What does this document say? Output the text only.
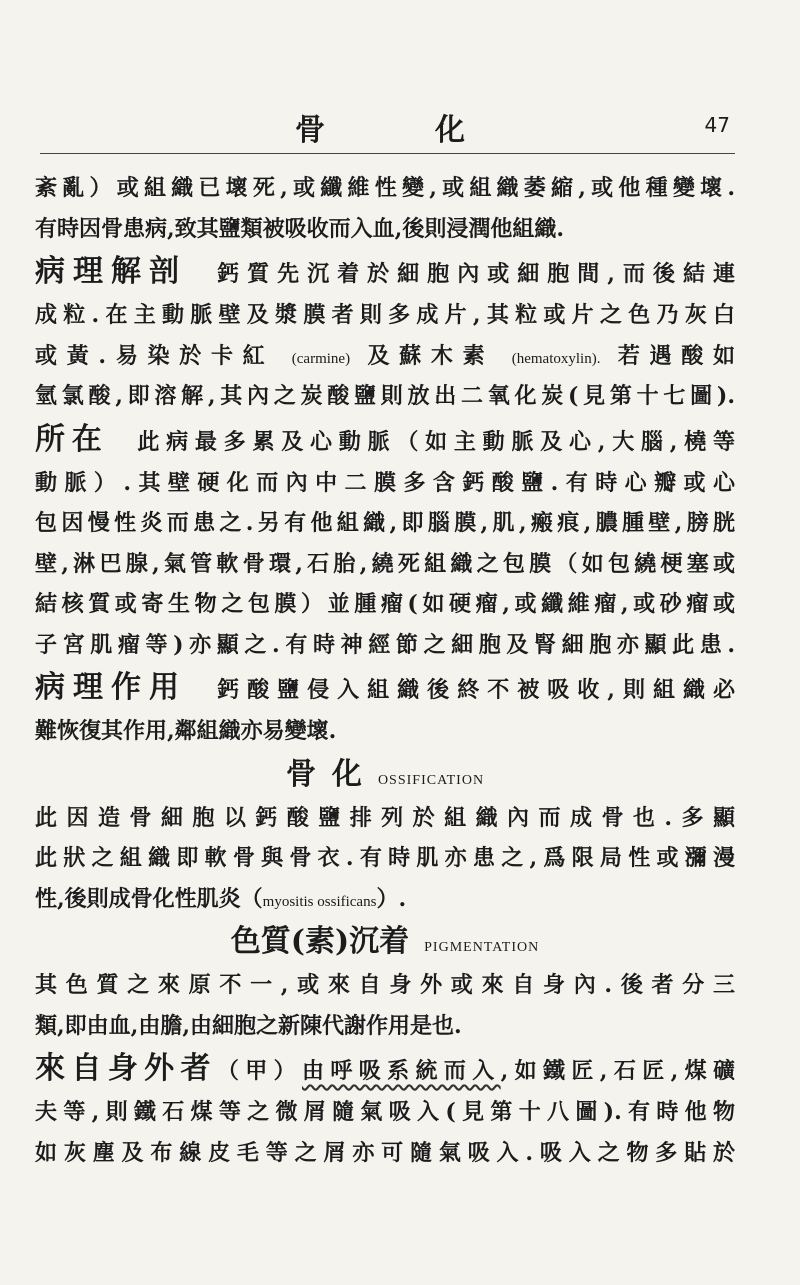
骨　化	47
紊亂）或組織已壞死,或纖維性變,或組織萎縮,或他種變壞.
有時因骨患病,致其鹽類被吸收而入血,後則浸潤他組織.
病理解剖　鈣質先沉着於細胞內或細胞間,而後結連
成粒.在主動脈壁及漿膜者則多成片,其粒或片之色乃灰白
或黃.易染於卡紅 (carmine) 及蘇木素 (hematoxylin). 若遇酸如
氫氯酸,即溶解,其內之炭酸鹽則放出二氧化炭(見第十七圖).
所在　此病最多累及心動脈（如主動脈及心,大腦,橈等
動脈）.其壁硬化而內中二膜多含鈣酸鹽.有時心瓣或心
包因慢性炎而患之.另有他組織,即腦膜,肌,瘢痕,膿腫壁,膀胱
壁,淋巴腺,氣管軟骨環,石胎,繞死組織之包膜（如包繞梗塞或
結核質或寄生物之包膜）並腫瘤(如硬瘤,或纖維瘤,或砂瘤或
子宮肌瘤等)亦顯之.有時神經節之細胞及腎細胞亦顯此患.
病理作用　鈣酸鹽侵入組織後終不被吸收,則組織必
難恢復其作用,鄰組織亦易變壞.
骨化OSSIFICATION
此因造骨細胞以鈣酸鹽排列於組織內而成骨也.多顯
此狀之組織即軟骨與骨衣.有時肌亦患之,爲限局性或瀰漫
性,後則成骨化性肌炎（myositis ossificans）.
色質(素)沉着　PIGMENTATION
其色質之來原不一,或來自身外或來自身內.後者分三
類,即由血,由膽,由細胞之新陳代謝作用是也.
來自身外者（甲）由呼吸系統而入,如鐵匠,石匠,煤礦
夫等,則鐵石煤等之微屑隨氣吸入(見第十八圖).有時他物
如灰塵及布線皮毛等之屑亦可隨氣吸入.吸入之物多貼於
